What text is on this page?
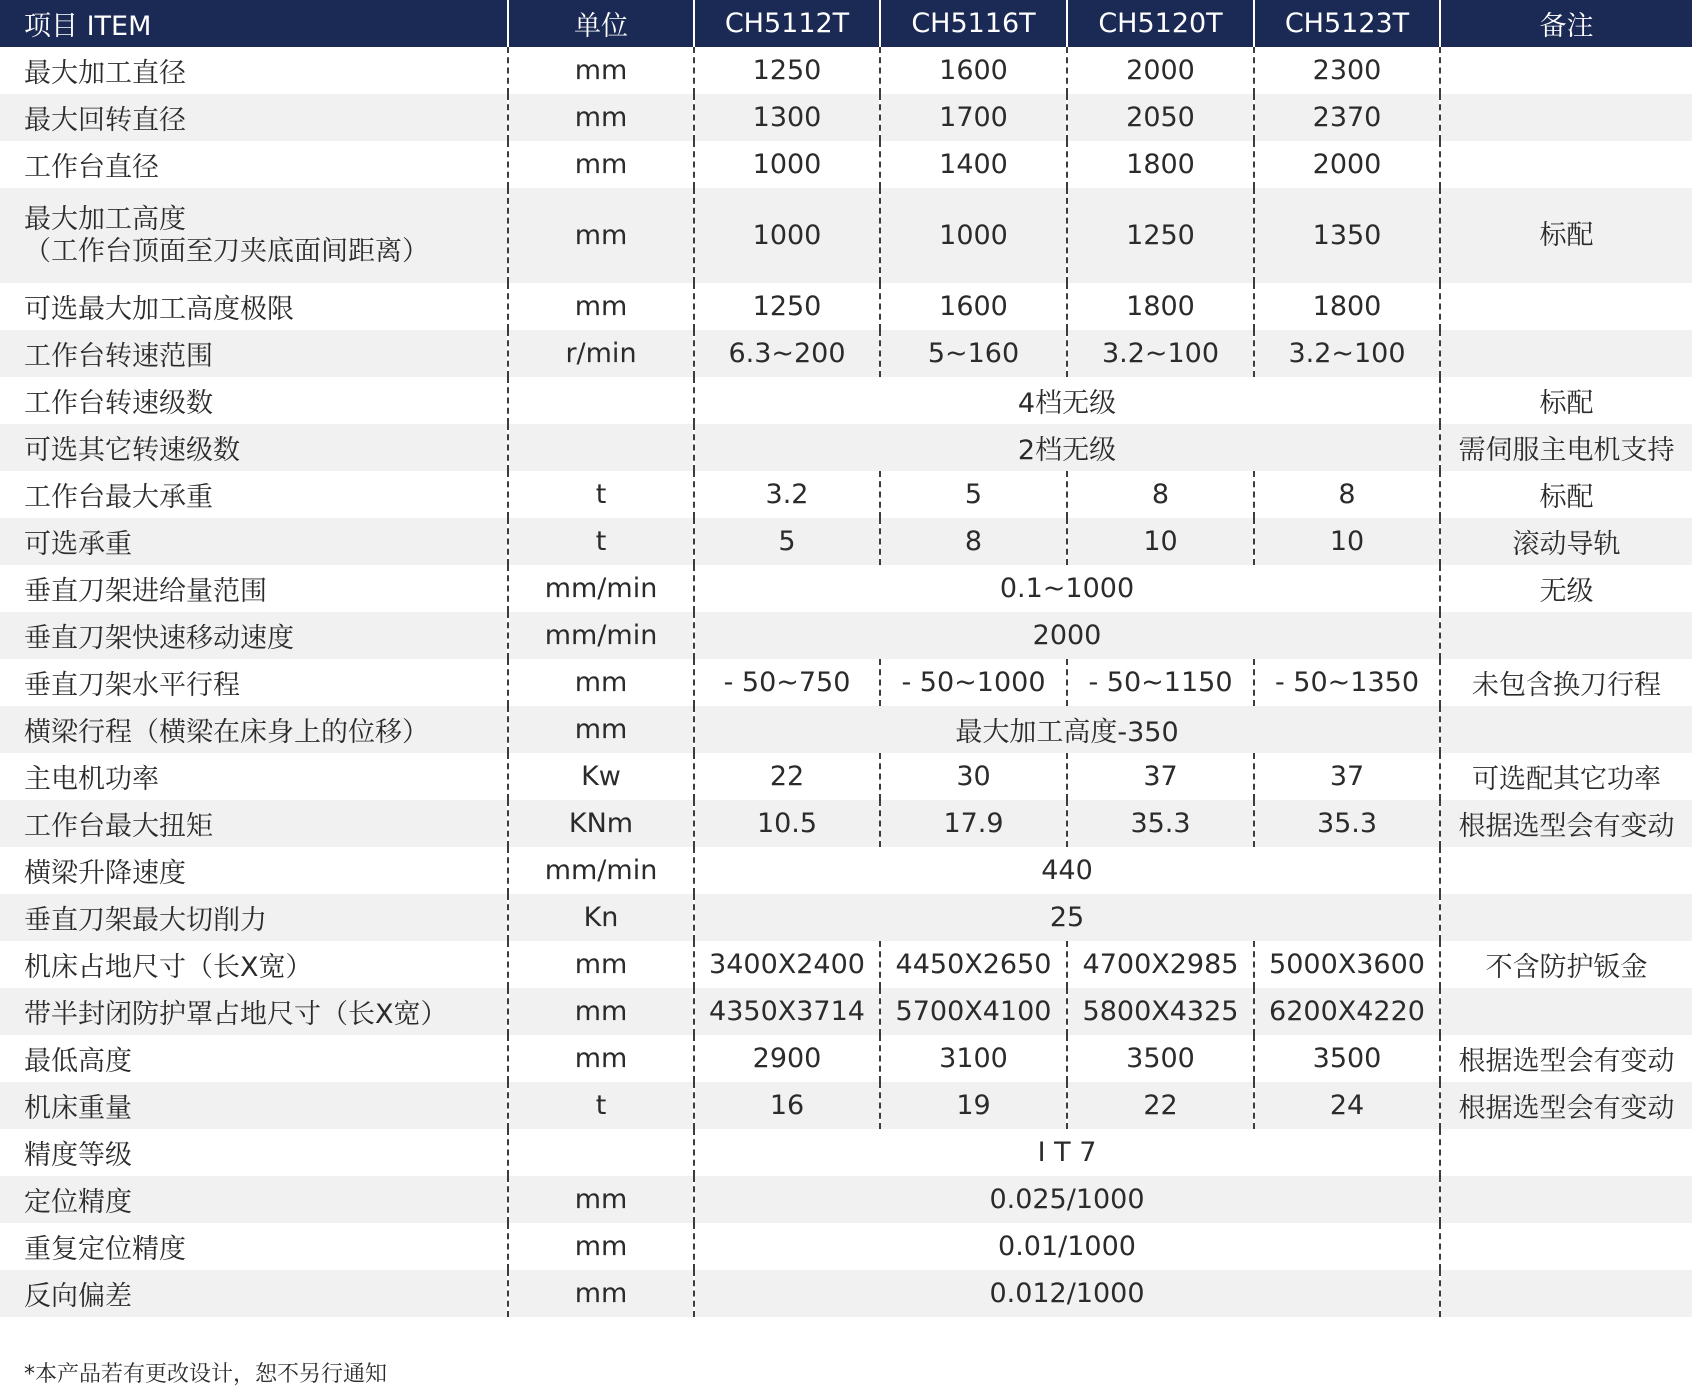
项目 ITEM	单位	CH5112T	CH5116T	CH5120T	CH5123T	备注
最大加工直径	mm	1250	1600	2000	2300	
最大回转直径	mm	1300	1700	2050	2370	
工作台直径	mm	1000	1400	1800	2000	
最大加工高度
（工作台顶面至刀夹底面间距离）	mm	1000	1000	1250	1350	标配
可选最大加工高度极限	mm	1250	1600	1800	1800	
工作台转速范围	r/min	6.3~200	5~160	3.2~100	3.2~100	
工作台转速级数		4档无级				标配
可选其它转速级数		2档无级				需伺服主电机支持
工作台最大承重	t	3.2	5	8	8	标配
可选承重	t	5	8	10	10	滚动导轨
垂直刀架进给量范围	mm/min	0.1~1000				无级
垂直刀架快速移动速度	mm/min	2000				
垂直刀架水平行程	mm	- 50~750	- 50~1000	- 50~1150	- 50~1350	未包含换刀行程
横梁行程（横梁在床身上的位移）	mm	最大加工高度-350				
主电机功率	Kw	22	30	37	37	可选配其它功率
工作台最大扭矩	KNm	10.5	17.9	35.3	35.3	根据选型会有变动
横梁升降速度	mm/min	440				
垂直刀架最大切削力	Kn	25				
机床占地尺寸（长X宽）	mm	3400X2400	4450X2650	4700X2985	5000X3600	不含防护钣金
带半封闭防护罩占地尺寸（长X宽）	mm	4350X3714	5700X4100	5800X4325	6200X4220	
最低高度	mm	2900	3100	3500	3500	根据选型会有变动
机床重量	t	16	19	22	24	根据选型会有变动
精度等级		I T 7				
定位精度	mm	0.025/1000				
重复定位精度	mm	0.01/1000				
反向偏差	mm	0.012/1000				
*本产品若有更改设计，恕不另行通知
